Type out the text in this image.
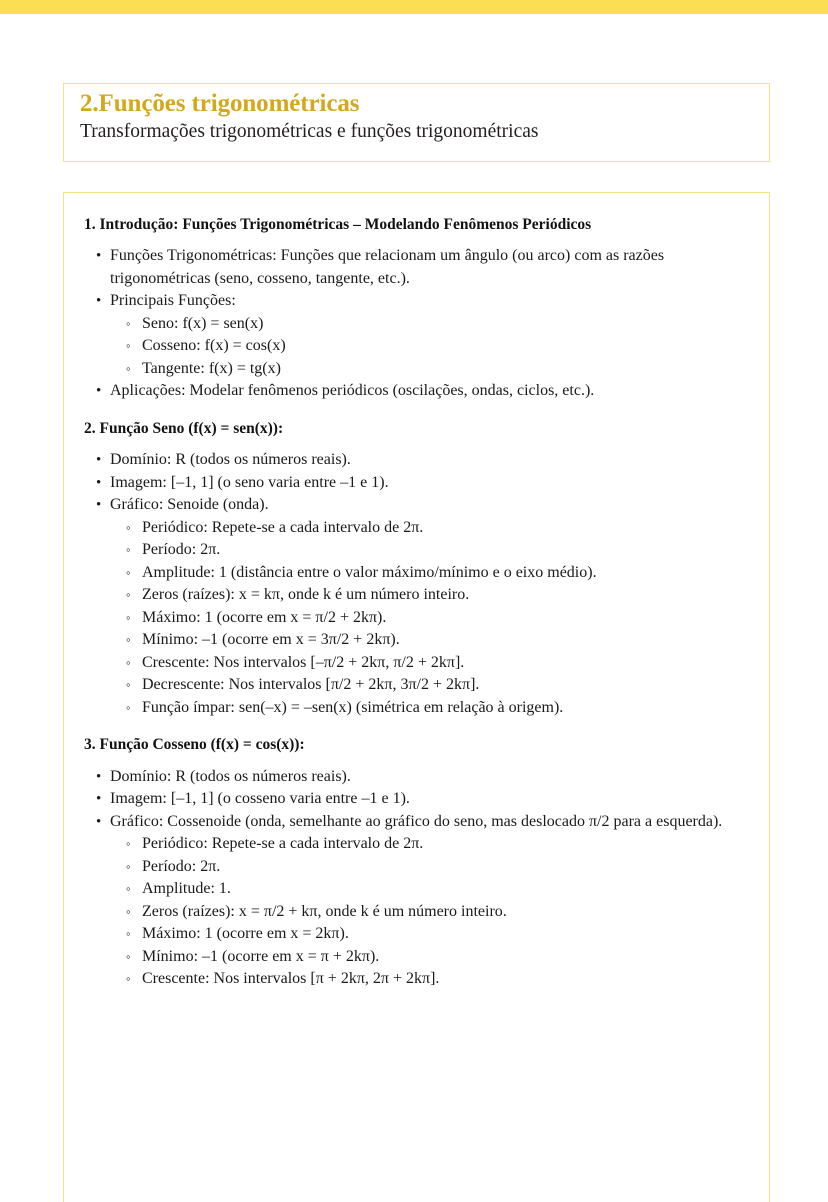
2.Funções trigonométricas
Transformações trigonométricas e funções trigonométricas
1. Introdução: Funções Trigonométricas – Modelando Fenômenos Periódicos
• Funções Trigonométricas: Funções que relacionam um ângulo (ou arco) com as razões trigonométricas (seno, cosseno, tangente, etc.).
• Principais Funções:
◦ Seno: f(x) = sen(x)
◦ Cosseno: f(x) = cos(x)
◦ Tangente: f(x) = tg(x)
• Aplicações: Modelar fenômenos periódicos (oscilações, ondas, ciclos, etc.).
2. Função Seno (f(x) = sen(x)):
• Domínio: R (todos os números reais).
• Imagem: [–1, 1] (o seno varia entre –1 e 1).
• Gráfico: Senoide (onda).
◦ Periódico: Repete-se a cada intervalo de 2π.
◦ Período: 2π.
◦ Amplitude: 1 (distância entre o valor máximo/mínimo e o eixo médio).
◦ Zeros (raízes): x = kπ, onde k é um número inteiro.
◦ Máximo: 1 (ocorre em x = π/2 + 2kπ).
◦ Mínimo: –1 (ocorre em x = 3π/2 + 2kπ).
◦ Crescente: Nos intervalos [–π/2 + 2kπ, π/2 + 2kπ].
◦ Decrescente: Nos intervalos [π/2 + 2kπ, 3π/2 + 2kπ].
◦ Função ímpar: sen(–x) = –sen(x) (simétrica em relação à origem).
3. Função Cosseno (f(x) = cos(x)):
• Domínio: R (todos os números reais).
• Imagem: [–1, 1] (o cosseno varia entre –1 e 1).
• Gráfico: Cossenoide (onda, semelhante ao gráfico do seno, mas deslocado π/2 para a esquerda).
◦ Periódico: Repete-se a cada intervalo de 2π.
◦ Período: 2π.
◦ Amplitude: 1.
◦ Zeros (raízes): x = π/2 + kπ, onde k é um número inteiro.
◦ Máximo: 1 (ocorre em x = 2kπ).
◦ Mínimo: –1 (ocorre em x = π + 2kπ).
◦ Crescente: Nos intervalos [π + 2kπ, 2π + 2kπ].
